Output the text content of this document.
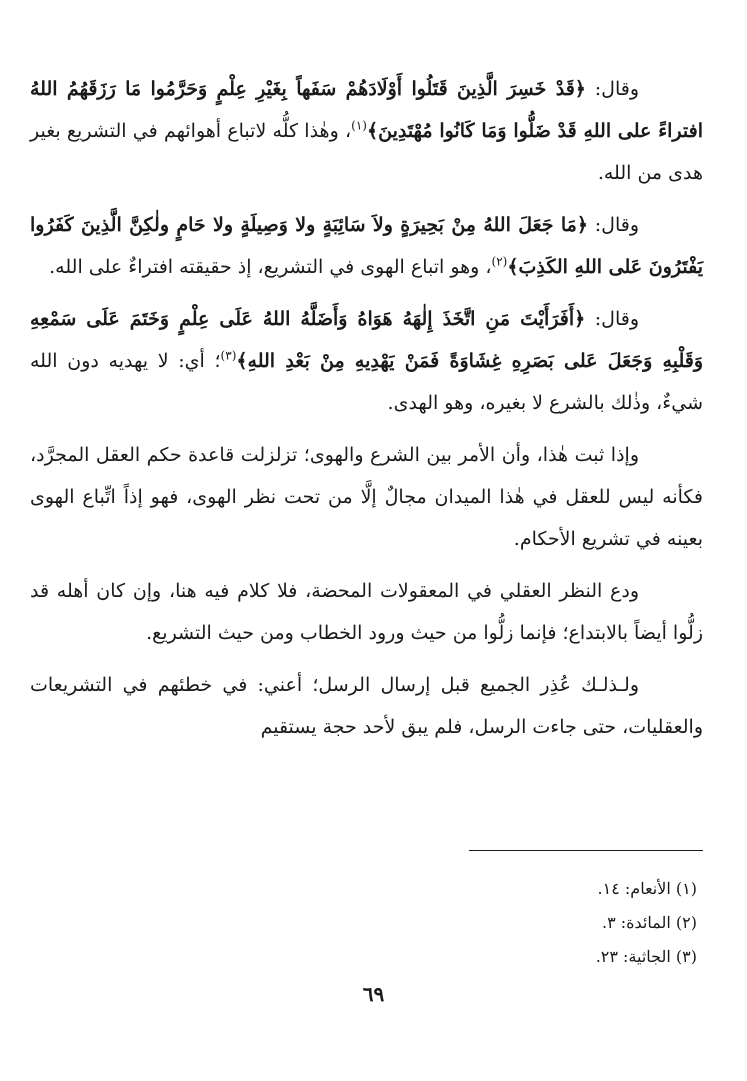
وقال: ﴿قَدْ خَسِرَ الَّذِينَ قَتَلُوا أَوْلَادَهُمْ سَفَهاً بِغَيْرِ عِلْمٍ وَحَرَّمُوا مَا رَزَقَهُمُ اللهُ افتراءً على اللهِ قَدْ ضَلُّوا وَمَا كَانُوا مُهْتَدِينَ﴾$^{(١)}$، وهٰذا كلُّه لاتباع أهوائهم في التشريع بغير هدى من الله.

وقال: ﴿مَا جَعَلَ اللهُ مِنْ بَحِيرَةٍ ولاَ سَائِبَةٍ ولا وَصِيلَةٍ ولا حَامٍ ولٰكِنَّ الَّذِينَ كَفَرُوا يَفْتَرُونَ عَلى اللهِ الكَذِبَ﴾$^{(٢)}$، وهو اتباع الهوى في التشريع، إذ حقيقته افتراءٌ على الله.

وقال: ﴿أَفَرَأَيْتَ مَنِ اتَّخَذَ إِلٰهَهُ هَوَاهُ وَأَضَلَّهُ اللهُ عَلَى عِلْمٍ وَخَتَمَ عَلَى سَمْعِهِ وَقَلْبِهِ وَجَعَلَ عَلى بَصَرِهِ غِشَاوَةً فَمَنْ يَهْدِيهِ مِنْ بَعْدِ اللهِ﴾$^{(٣)}$؛ أي: لا يهديه دون الله شيءٌ، وذٰلك بالشرع لا بغيره، وهو الهدى.

وإذا ثبت هٰذا، وأن الأمر بين الشرع والهوى؛ تزلزلت قاعدة حكم العقل المجرَّد، فكأنه ليس للعقل في هٰذا الميدان مجالٌ إلَّا من تحت نظر الهوى، فهو إذاً اتِّباع الهوى بعينه في تشريع الأحكام.

ودع النظر العقلي في المعقولات المحضة، فلا كلام فيه هنا، وإن كان أهله قد زلُّوا أيضاً بالابتداع؛ فإنما زلُّوا من حيث ورود الخطاب ومن حيث التشريع.

ولـذلـك عُذِر الجميع قبل إرسال الرسل؛ أعني: في خطئهم في التشريعات والعقليات، حتى جاءت الرسل، فلم يبق لأحد حجة يستقيم

(١) الأنعام: ١٤.
(٢) المائدة: ٣.
(٣) الجاثية: ٢٣.
٦٩
